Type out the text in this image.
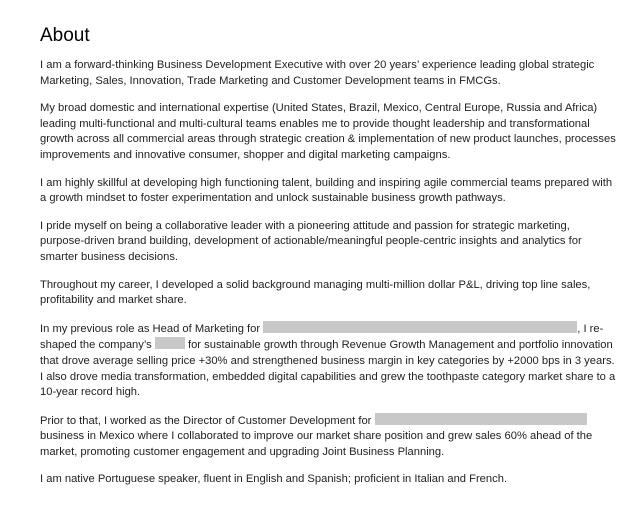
About

I am a forward-thinking Business Development Executive with over 20 years’ experience leading global strategic Marketing, Sales, Innovation, Trade Marketing and Customer Development teams in FMCGs.

My broad domestic and international expertise (United States, Brazil, Mexico, Central Europe, Russia and Africa) leading multi-functional and multi-cultural teams enables me to provide thought leadership and transformational growth across all commercial areas through strategic creation & implementation of new product launches, processes improvements and innovative consumer, shopper and digital marketing campaigns.

I am highly skillful at developing high functioning talent, building and inspiring agile commercial teams prepared with a growth mindset to foster experimentation and unlock sustainable business growth pathways.

I pride myself on being a collaborative leader with a pioneering attitude and passion for strategic marketing, purpose-driven brand building, development of actionable/meaningful people-centric insights and analytics for smarter business decisions.

Throughout my career, I developed a solid background managing multi-million dollar P&L, driving top line sales, profitability and market share.

In my previous role as Head of Marketing for	, I re-shaped the company’s	for sustainable growth through Revenue Growth Management and portfolio innovation that drove average selling price +30% and strengthened business margin in key categories by +2000 bps in 3 years. I also drove media transformation, embedded digital capabilities and grew the toothpaste category market share to a 10-year record high.

Prior to that, I worked as the Director of Customer Development for  business in Mexico where I collaborated to improve our market share position and grew sales 60% ahead of the market, promoting customer engagement and upgrading Joint Business Planning.

I am native Portuguese speaker, fluent in English and Spanish; proficient in Italian and French.
